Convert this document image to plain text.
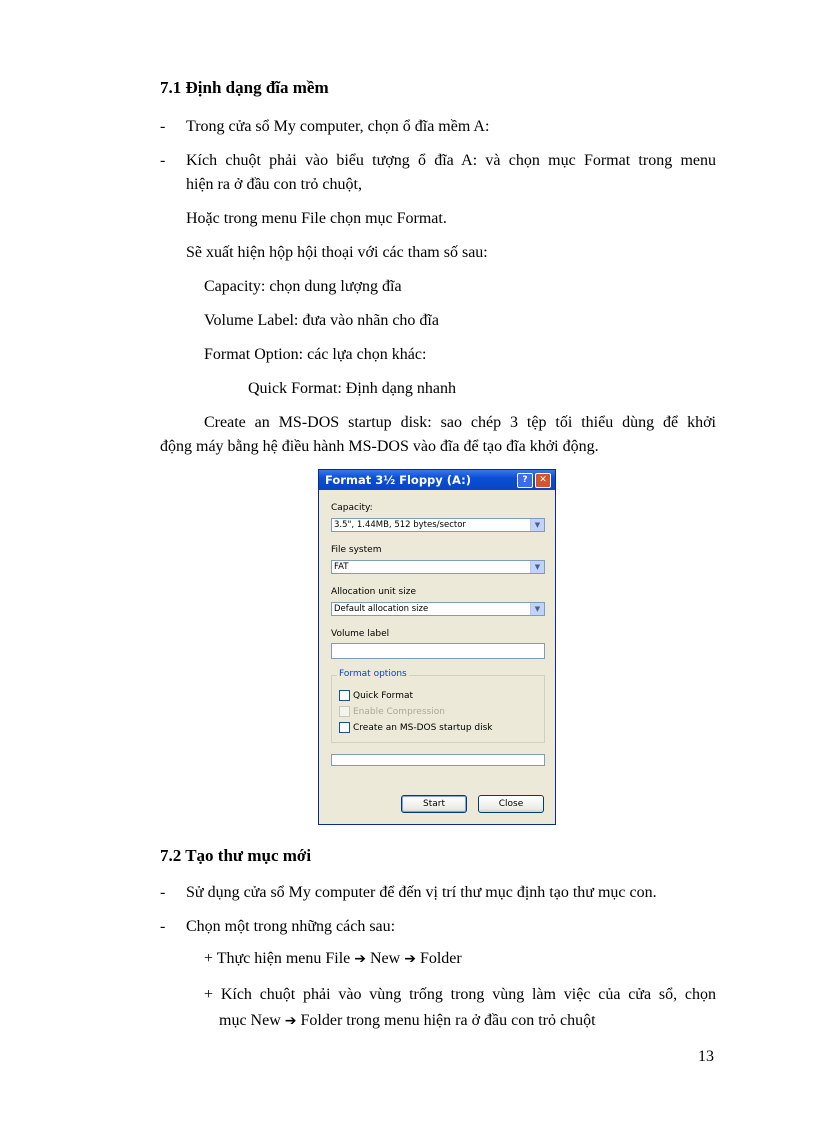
7.1 Định dạng đĩa mềm
- Trong cửa sổ My computer, chọn ổ đĩa mềm A:
- Kích chuột phải vào biểu tượng ổ đĩa A: và chọn mục Format trong menu
hiện ra ở đầu con trỏ chuột,
Hoặc trong menu File chọn mục Format.
Sẽ xuất hiện hộp hội thoại với các tham số sau:
Capacity: chọn dung lượng đĩa
Volume Label: đưa vào nhãn cho đĩa
Format Option: các lựa chọn khác:
Quick Format: Định dạng nhanh
Create an MS-DOS startup disk: sao chép 3 tệp tối thiểu dùng để khởi
động máy bằng hệ điều hành MS-DOS vào đĩa để tạo đĩa khởi động.
Format 3½ Floppy (A:)	?	✕
Capacity:
3.5", 1.44MB, 512 bytes/sector	▼
File system
FAT	▼
Allocation unit size
Default allocation size	▼
Volume label
Format options
Quick Format
Enable Compression
Create an MS-DOS startup disk
Start	Close
7.2 Tạo thư mục mới
- Sử dụng cửa sổ My computer để đến vị trí thư mục định tạo thư mục con.
- Chọn một trong những cách sau:
+ Thực hiện menu File ➔ New ➔ Folder
+ Kích chuột phải vào vùng trống trong vùng làm việc của cửa sổ, chọn
mục New ➔ Folder trong menu hiện ra ở đầu con trỏ chuột
13
